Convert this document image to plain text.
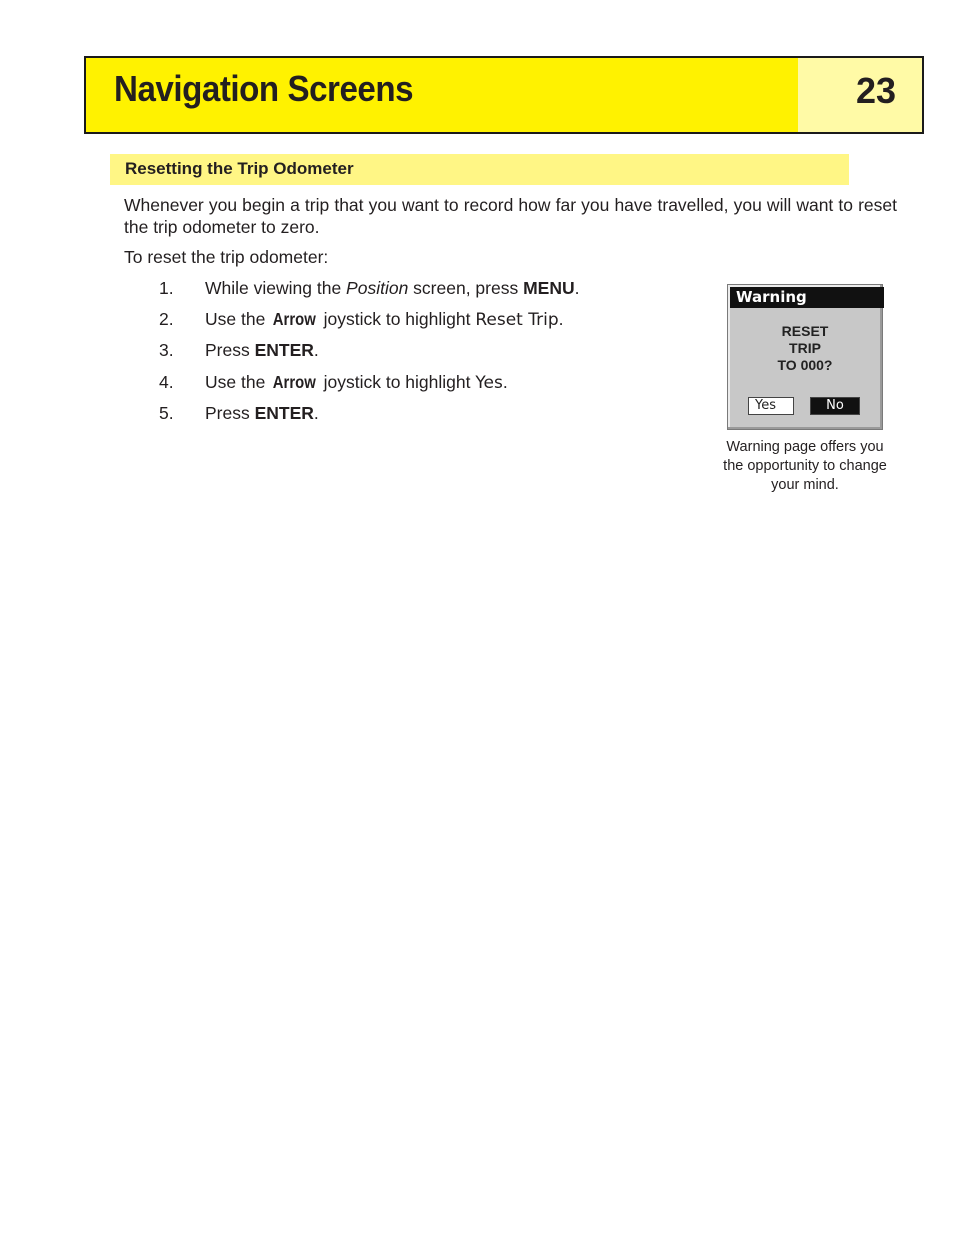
Navigation Screens	23
Resetting the Trip Odometer
Whenever you begin a trip that you want to record how far you have travelled, you will want to reset the trip odometer to zero.
To reset the trip odometer:
1. While viewing the Position screen, press MENU.
2. Use the Arrow joystick to highlight Reset Trip.
3. Press ENTER.
4. Use the Arrow joystick to highlight Yes.
5. Press ENTER.
Warning
RESET
TRIP
TO 000?
Yes	No
Warning page offers you
the opportunity to change
your mind.
